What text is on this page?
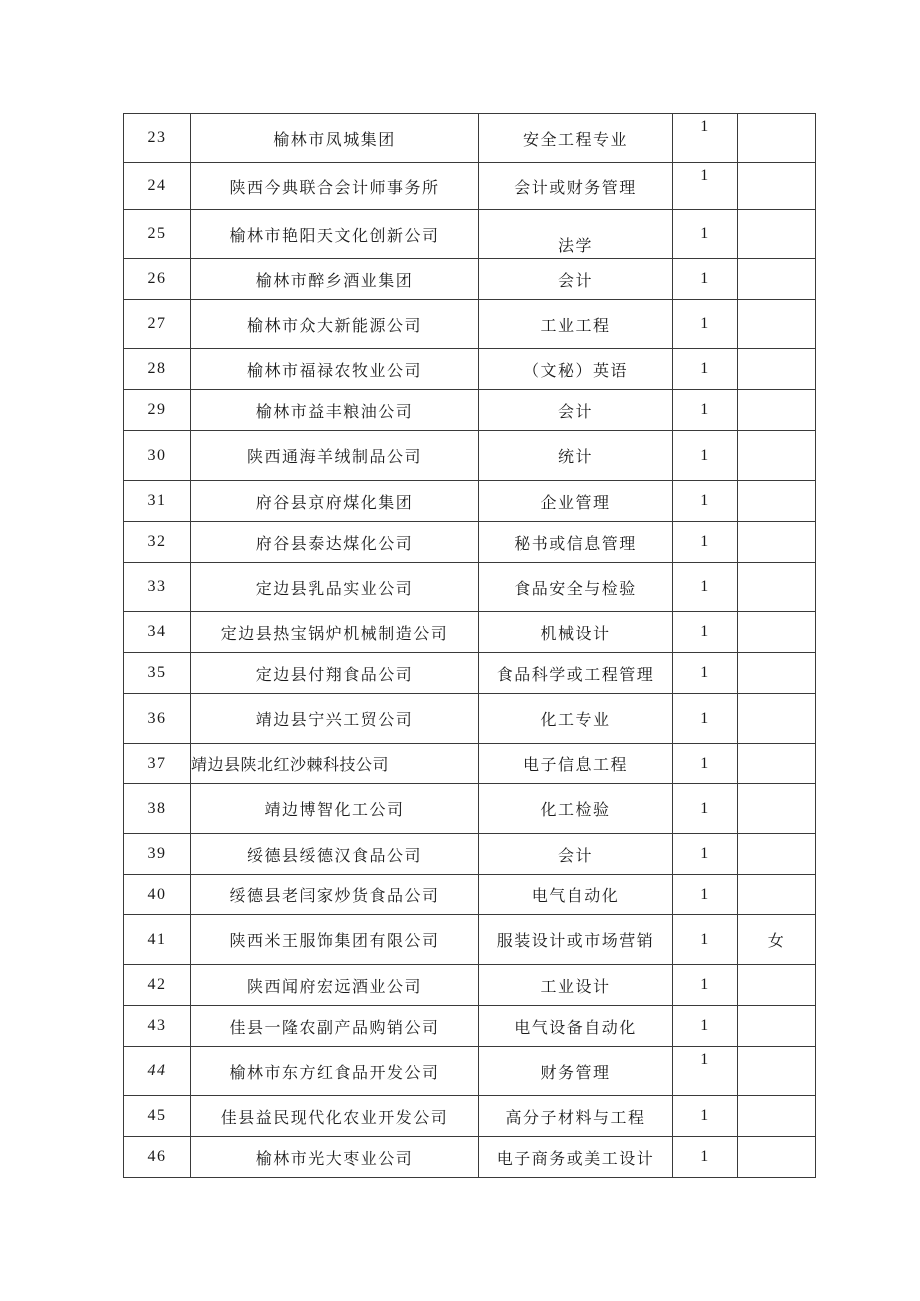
23	榆林市凤城集团	安全工程专业	1	
24	陕西今典联合会计师事务所	会计或财务管理	1	
25	榆林市艳阳天文化创新公司	法学	1	
26	榆林市醉乡酒业集团	会计	1	
27	榆林市众大新能源公司	工业工程	1	
28	榆林市福禄农牧业公司	（文秘）英语	1	
29	榆林市益丰粮油公司	会计	1	
30	陕西通海羊绒制品公司	统计	1	
31	府谷县京府煤化集团	企业管理	1	
32	府谷县泰达煤化公司	秘书或信息管理	1	
33	定边县乳品实业公司	食品安全与检验	1	
34	定边县热宝锅炉机械制造公司	机械设计	1	
35	定边县付翔食品公司	食品科学或工程管理	1	
36	靖边县宁兴工贸公司	化工专业	1	
37	靖边县陕北红沙棘科技公司	电子信息工程	1	
38	靖边博智化工公司	化工检验	1	
39	绥德县绥德汉食品公司	会计	1	
40	绥德县老闫家炒货食品公司	电气自动化	1	
41	陕西米王服饰集团有限公司	服装设计或市场营销	1	女
42	陕西闻府宏远酒业公司	工业设计	1	
43	佳县一隆农副产品购销公司	电气设备自动化	1	
44	榆林市东方红食品开发公司	财务管理	1	
45	佳县益民现代化农业开发公司	高分子材料与工程	1	
46	榆林市光大枣业公司	电子商务或美工设计	1	
